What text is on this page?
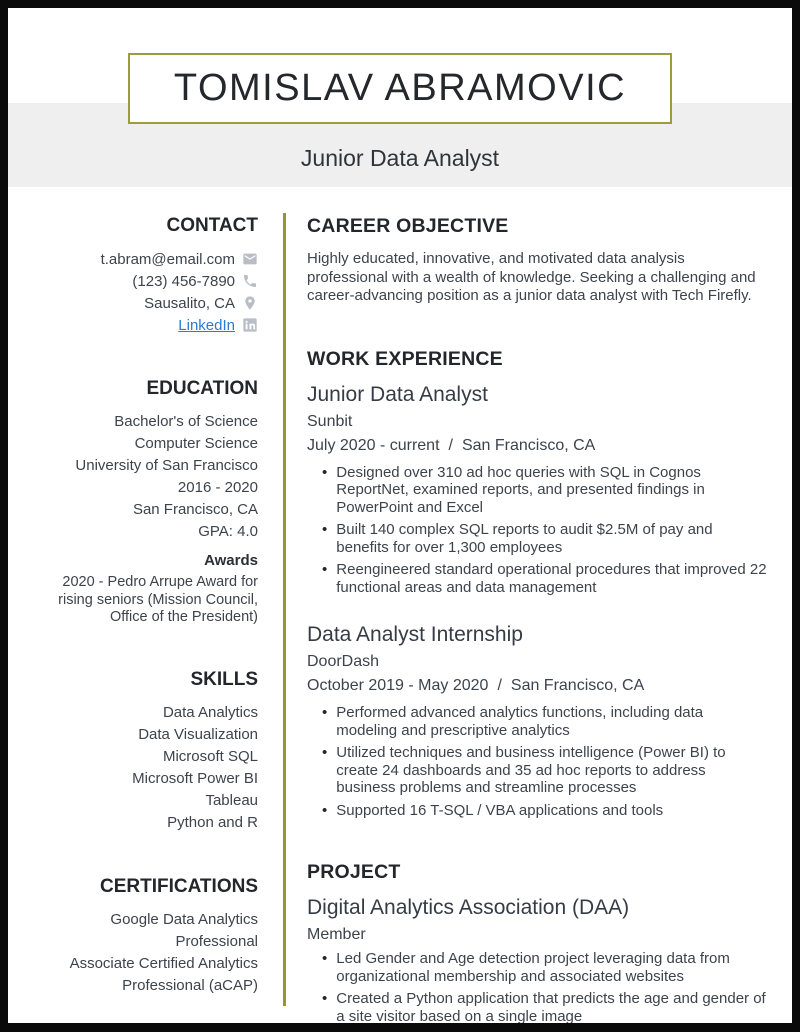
Junior Data Analyst
TOMISLAV ABRAMOVIC
CONTACT
t.abram@email.com
(123) 456-7890
Sausalito, CA
LinkedIn
EDUCATION
Bachelor's of Science
Computer Science
University of San Francisco
2016 - 2020
San Francisco, CA
GPA: 4.0
Awards
2020 - Pedro Arrupe Award for rising seniors (Mission Council, Office of the President)
SKILLS
Data Analytics
Data Visualization
Microsoft SQL
Microsoft Power BI
Tableau
Python and R
CERTIFICATIONS
Google Data Analytics Professional
Associate Certified Analytics Professional (aCAP)
CAREER OBJECTIVE

Highly educated, innovative, and motivated data analysis professional with a wealth of knowledge. Seeking a challenging and career-advancing position as a junior data analyst with Tech Firefly.

WORK EXPERIENCE
Junior Data Analyst
Sunbit
July 2020 - current / San Francisco, CA
• Designed over 310 ad hoc queries with SQL in Cognos ReportNet, examined reports, and presented findings in PowerPoint and Excel
• Built 140 complex SQL reports to audit $2.5M of pay and benefits for over 1,300 employees
• Reengineered standard operational procedures that improved 22 functional areas and data management
Data Analyst Internship
DoorDash
October 2019 - May 2020 / San Francisco, CA
• Performed advanced analytics functions, including data modeling and prescriptive analytics
• Utilized techniques and business intelligence (Power BI) to create 24 dashboards and 35 ad hoc reports to address business problems and streamline processes
• Supported 16 T-SQL / VBA applications and tools
PROJECT
Digital Analytics Association (DAA)
Member
• Led Gender and Age detection project leveraging data from organizational membership and associated websites
• Created a Python application that predicts the age and gender of a site visitor based on a single image
